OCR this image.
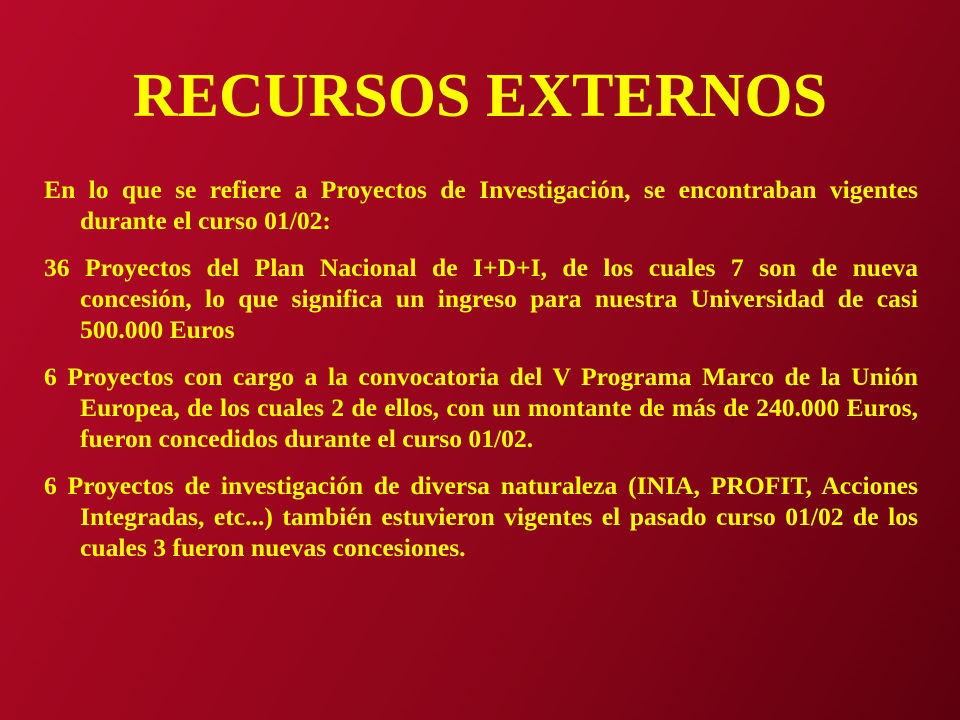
RECURSOS EXTERNOS

En lo que se refiere a Proyectos de Investigación, se encontraban vigentes durante el curso 01/02:

36 Proyectos del Plan Nacional de I+D+I, de los cuales 7 son de nueva concesión, lo que significa un ingreso para nuestra Universidad de casi 500.000 Euros

6 Proyectos con cargo a la convocatoria del V Programa Marco de la Unión Europea, de los cuales 2 de ellos, con un montante de más de 240.000 Euros, fueron concedidos durante el curso 01/02.

6 Proyectos de investigación de diversa naturaleza (INIA, PROFIT, Acciones Integradas, etc...) también estuvieron vigentes el pasado curso 01/02 de los cuales 3 fueron nuevas concesiones.
